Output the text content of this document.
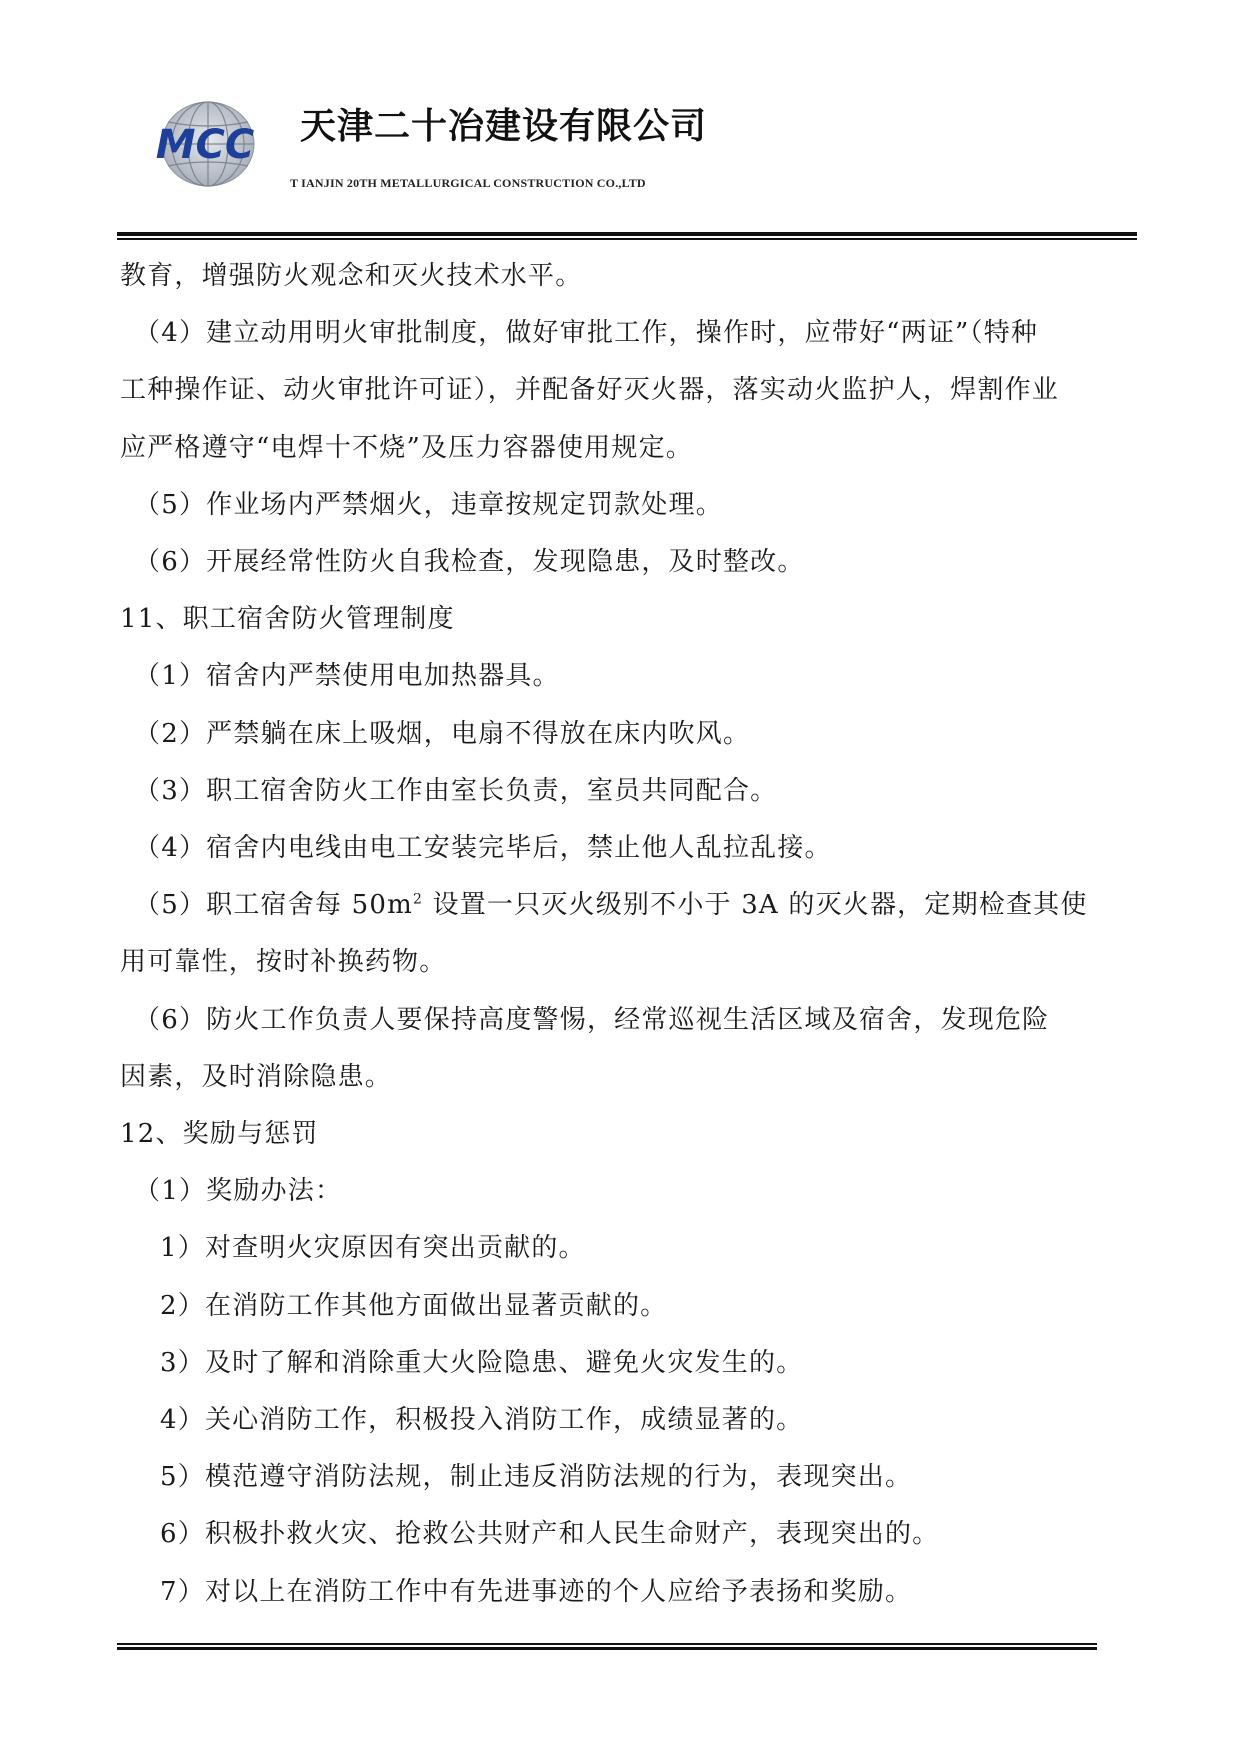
MCC 天津二十冶建设有限公司
T IANJIN 20TH METALLURGICAL CONSTRUCTION CO.,LTD
教育，增强防火观念和灭火技术水平。
（4）建立动用明火审批制度，做好审批工作，操作时，应带好“两证”（特种
工种操作证、动火审批许可证），并配备好灭火器，落实动火监护人，焊割作业
应严格遵守“电焊十不烧”及压力容器使用规定。
（5）作业场内严禁烟火，违章按规定罚款处理。
（6）开展经常性防火自我检查，发现隐患，及时整改。
11、职工宿舍防火管理制度
（1）宿舍内严禁使用电加热器具。
（2）严禁躺在床上吸烟，电扇不得放在床内吹风。
（3）职工宿舍防火工作由室长负责，室员共同配合。
（4）宿舍内电线由电工安装完毕后，禁止他人乱拉乱接。
（5）职工宿舍每 $50m^2$ 设置一只灭火级别不小于 3A 的灭火器，定期检查其使
用可靠性，按时补换药物。
（6）防火工作负责人要保持高度警惕，经常巡视生活区域及宿舍，发现危险
因素，及时消除隐患。
12、奖励与惩罚
（1）奖励办法：
1）对查明火灾原因有突出贡献的。
2）在消防工作其他方面做出显著贡献的。
3）及时了解和消除重大火险隐患、避免火灾发生的。
4）关心消防工作，积极投入消防工作，成绩显著的。
5）模范遵守消防法规，制止违反消防法规的行为，表现突出。
6）积极扑救火灾、抢救公共财产和人民生命财产，表现突出的。
7）对以上在消防工作中有先进事迹的个人应给予表扬和奖励。
